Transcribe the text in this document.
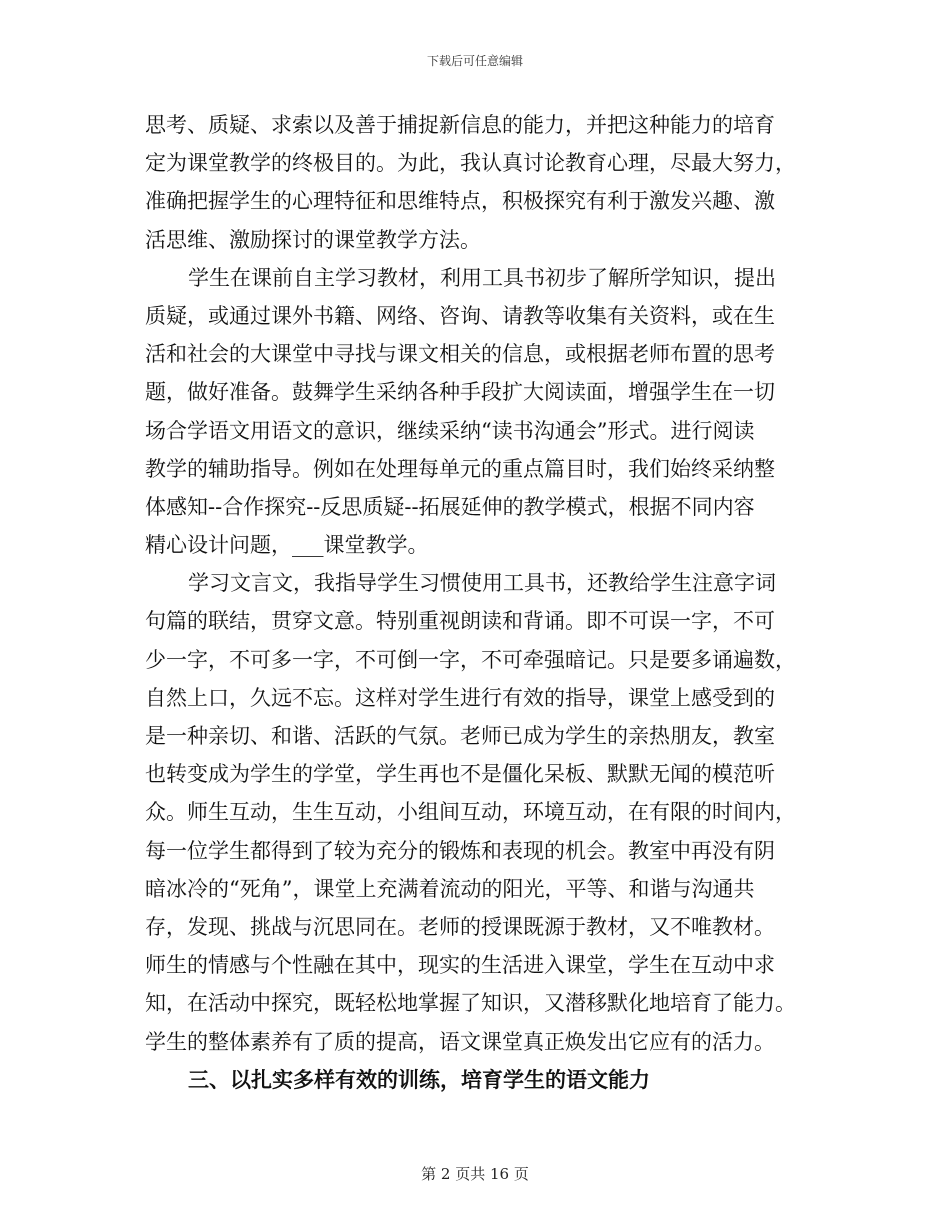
下载后可任意编辑
思考、质疑、求索以及善于捕捉新信息的能力，并把这种能力的培育
定为课堂教学的终极目的。为此，我认真讨论教育心理，尽最大努力，
准确把握学生的心理特征和思维特点，积极探究有利于激发兴趣、激
活思维、激励探讨的课堂教学方法。
学生在课前自主学习教材，利用工具书初步了解所学知识，提出
质疑，或通过课外书籍、网络、咨询、请教等收集有关资料，或在生
活和社会的大课堂中寻找与课文相关的信息，或根据老师布置的思考
题，做好准备。鼓舞学生采纳各种手段扩大阅读面，增强学生在一切
场合学语文用语文的意识，继续采纳“读书沟通会”形式。进行阅读
教学的辅助指导。例如在处理每单元的重点篇目时，我们始终采纳整
体感知--合作探究--反思质疑--拓展延伸的教学模式，根据不同内容
精心设计问题，___课堂教学。
学习文言文，我指导学生习惯使用工具书，还教给学生注意字词
句篇的联结，贯穿文意。特别重视朗读和背诵。即不可误一字，不可
少一字，不可多一字，不可倒一字，不可牵强暗记。只是要多诵遍数，
自然上口，久远不忘。这样对学生进行有效的指导，课堂上感受到的
是一种亲切、和谐、活跃的气氛。老师已成为学生的亲热朋友，教室
也转变成为学生的学堂，学生再也不是僵化呆板、默默无闻的模范听
众。师生互动，生生互动，小组间互动，环境互动，在有限的时间内，
每一位学生都得到了较为充分的锻炼和表现的机会。教室中再没有阴
暗冰冷的“死角”，课堂上充满着流动的阳光，平等、和谐与沟通共
存，发现、挑战与沉思同在。老师的授课既源于教材，又不唯教材。
师生的情感与个性融在其中，现实的生活进入课堂，学生在互动中求
知，在活动中探究，既轻松地掌握了知识，又潜移默化地培育了能力。
学生的整体素养有了质的提高，语文课堂真正焕发出它应有的活力。
三、以扎实多样有效的训练，培育学生的语文能力
第 2 页共 16 页
